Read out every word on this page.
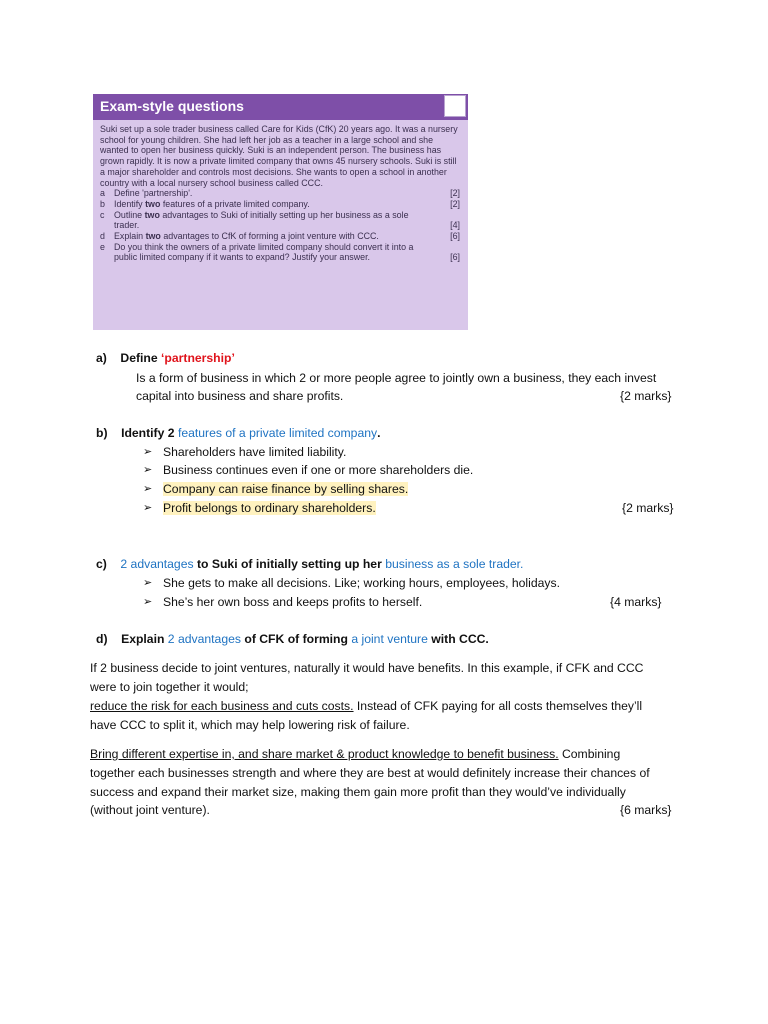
Exam-style questions

Suki set up a sole trader business called Care for Kids (CfK) 20 years ago. It was a nursery school for young children. She had left her job as a teacher in a large school and she wanted to open her business quickly. Suki is an independent person. The business has grown rapidly. It is now a private limited company that owns 45 nursery schools. Suki is still a major shareholder and controls most decisions. She wants to open a school in another country with a local nursery school business called CCC.

a	Define 'partnership'.	[2]
b	Identify two features of a private limited company.	[2]
c	Outline two advantages to Suki of initially setting up her business as a sole trader.	[4]
d	Explain two advantages to CfK of forming a joint venture with CCC.	[6]
e	Do you think the owners of a private limited company should convert it into a public limited company if it wants to expand? Justify your answer.	[6]
a) Define ‘partnership’
Is a form of business in which 2 or more people agree to jointly own a business, they each invest
capital into business and share profits.	{2 marks}
b) Identify 2 features of a private limited company.
➢ Shareholders have limited liability.
➢ Business continues even if one or more shareholders die.
➢ Company can raise finance by selling shares.
➢ Profit belongs to ordinary shareholders.	{2 marks}
c) 2 advantages to Suki of initially setting up her business as a sole trader.
➢ She gets to make all decisions. Like; working hours, employees, holidays.
➢ She’s her own boss and keeps profits to herself.	{4 marks}
d) Explain 2 advantages of CFK of forming a joint venture with CCC.
If 2 business decide to joint ventures, naturally it would have benefits. In this example, if CFK and CCC
were to join together it would;
reduce the risk for each business and cuts costs. Instead of CFK paying for all costs themselves they’ll
have CCC to split it, which may help lowering risk of failure.
Bring different expertise in, and share market & product knowledge to benefit business. Combining
together each businesses strength and where they are best at would definitely increase their chances of
success and expand their market size, making them gain more profit than they would’ve individually
(without joint venture).	{6 marks}
